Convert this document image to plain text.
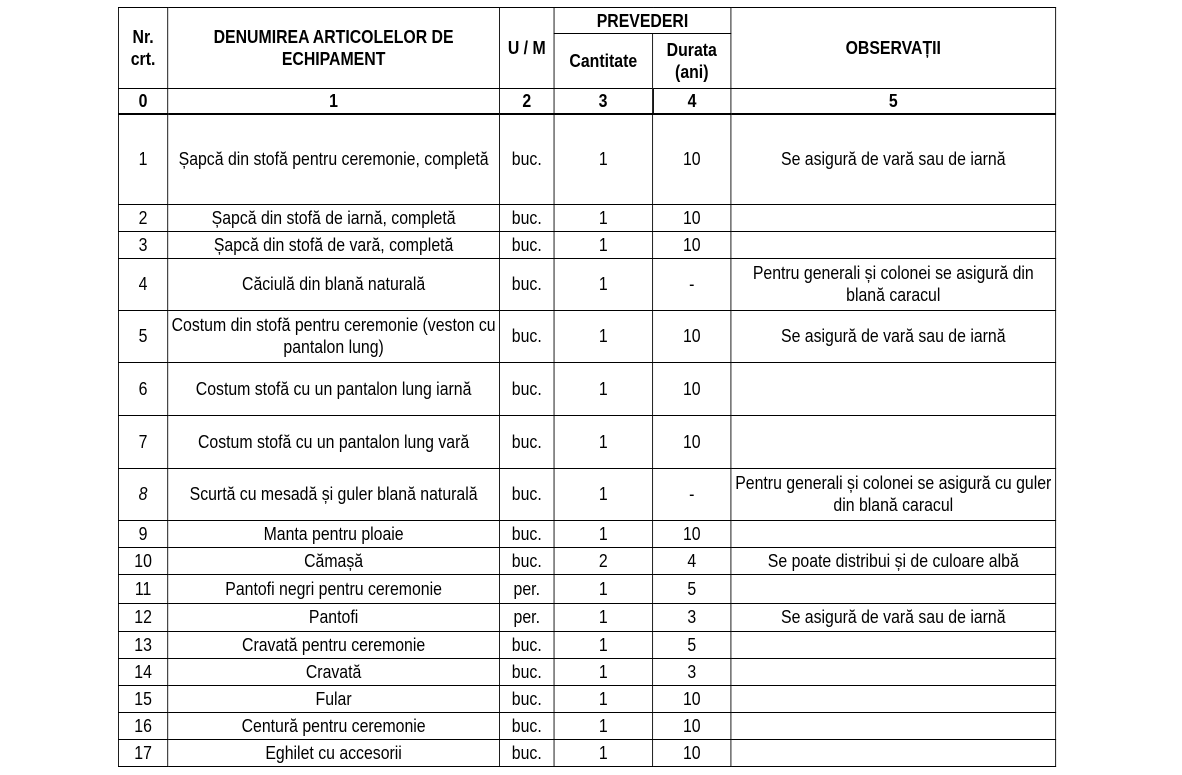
Nr. crt.	DENUMIREA ARTICOLELOR DE ECHIPAMENT	U / M	PREVEDERI		OBSERVAȚII
			Cantitate	Durata (ani)	
0	1	2	3	4	5
1	Șapcă din stofă pentru ceremonie, completă	buc.	1	10	Se asigură de vară sau de iarnă
2	Șapcă din stofă de iarnă, completă	buc.	1	10	
3	Șapcă din stofă de vară, completă	buc.	1	10	
4	Căciulă din blană naturală	buc.	1	-	Pentru generali și colonei se asigură din blană caracul
5	Costum din stofă pentru ceremonie (veston cu pantalon lung)	buc.	1	10	Se asigură de vară sau de iarnă
6	Costum stofă cu un pantalon lung iarnă	buc.	1	10	
7	Costum stofă cu un pantalon lung vară	buc.	1	10	
8	Scurtă cu mesadă și guler blană naturală	buc.	1	-	Pentru generali și colonei se asigură cu guler din blană caracul
9	Manta pentru ploaie	buc.	1	10	
10	Cămașă	buc.	2	4	Se poate distribui și de culoare albă
11	Pantofi negri pentru ceremonie	per.	1	5	
12	Pantofi	per.	1	3	Se asigură de vară sau de iarnă
13	Cravată pentru ceremonie	buc.	1	5	
14	Cravată	buc.	1	3	
15	Fular	buc.	1	10	
16	Centură pentru ceremonie	buc.	1	10	
17	Eghilet cu accesorii	buc.	1	10	
